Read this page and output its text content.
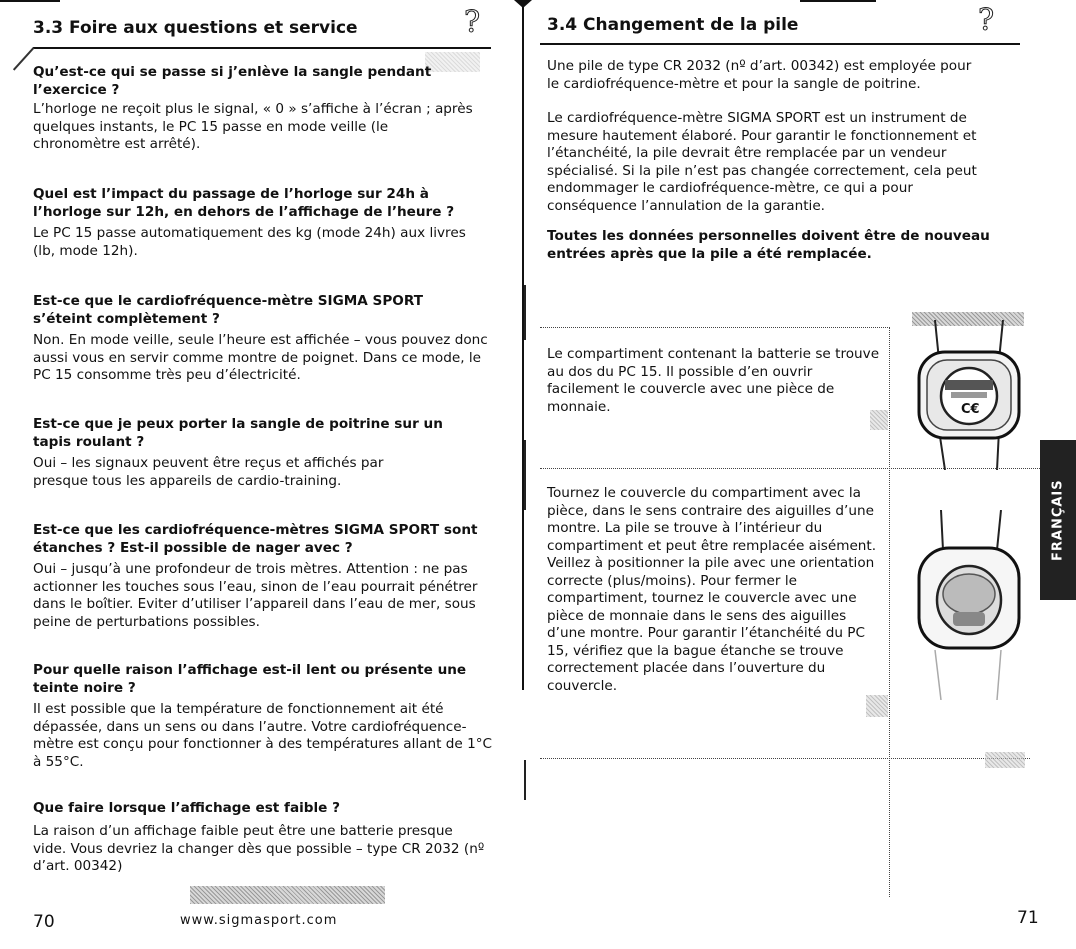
3.3 Foire aux questions et service	?
Qu’est-ce qui se passe si j’enlève la sangle pendant l’exercice ?
L’horloge ne reçoit plus le signal, « 0 » s’affiche à l’écran ; après quelques instants, le PC 15 passe en mode veille (le chronomètre est arrêté).
Quel est l’impact du passage de l’horloge sur 24h à l’horloge sur 12h, en dehors de l’affichage de l’heure ?
Le PC 15 passe automatiquement des kg (mode 24h) aux livres (lb, mode 12h).
Est-ce que le cardiofréquence-mètre SIGMA SPORT s’éteint complètement ?
Non. En mode veille, seule l’heure est affichée – vous pouvez donc aussi vous en servir comme montre de poignet. Dans ce mode, le PC 15 consomme très peu d’électricité.
Est-ce que je peux porter la sangle de poitrine sur un tapis roulant ?
Oui – les signaux peuvent être reçus et affichés par presque tous les appareils de cardio-training.
Est-ce que les cardiofréquence-mètres SIGMA SPORT sont étanches ? Est-il possible de nager avec ?
Oui – jusqu’à une profondeur de trois mètres. Attention : ne pas actionner les touches sous l’eau, sinon de l’eau pourrait pénétrer dans le boîtier. Eviter d’utiliser l’appareil dans l’eau de mer, sous peine de perturbations possibles.
Pour quelle raison l’affichage est-il lent ou présente une teinte noire ?
Il est possible que la température de fonctionnement ait été dépassée, dans un sens ou dans l’autre. Votre cardiofréquence-mètre est conçu pour fonctionner à des températures allant de 1°C à 55°C.
Que faire lorsque l’affichage est faible ?
La raison d’un affichage faible peut être une batterie presque vide. Vous devriez la changer dès que possible – type CR 2032 (nº d’art. 00342)
70	www.sigmasport.com
3.4 Changement de la pile	?
Une pile de type CR 2032 (nº d’art. 00342) est employée pour le cardiofréquence-mètre et pour la sangle de poitrine.
Le cardiofréquence-mètre SIGMA SPORT est un instrument de mesure hautement élaboré. Pour garantir le fonctionnement et l’étanchéité, la pile devrait être remplacée par un vendeur spécialisé. Si la pile n’est pas changée correctement, cela peut endommager le cardiofréquence-mètre, ce qui a pour conséquence l’annulation de la garantie.
Toutes les données personnelles doivent être de nouveau entrées après que la pile a été remplacée.
Le compartiment contenant la batterie se trouve au dos du PC 15. Il possible d’en ouvrir facilement le couvercle avec une pièce de monnaie.	C€
Tournez le couvercle du compartiment avec la pièce, dans le sens contraire des aiguilles d’une montre. La pile se trouve à l’intérieur du compartiment et peut être remplacée aisément. Veillez à positionner la pile avec une orientation correcte (plus/moins). Pour fermer le compartiment, tournez le couvercle avec une pièce de monnaie dans le sens des aiguilles d’une montre. Pour garantir l’étanchéité du PC 15, vérifiez que la bague étanche se trouve correctement placée dans l’ouverture du couvercle.
FRANÇAIS
71
